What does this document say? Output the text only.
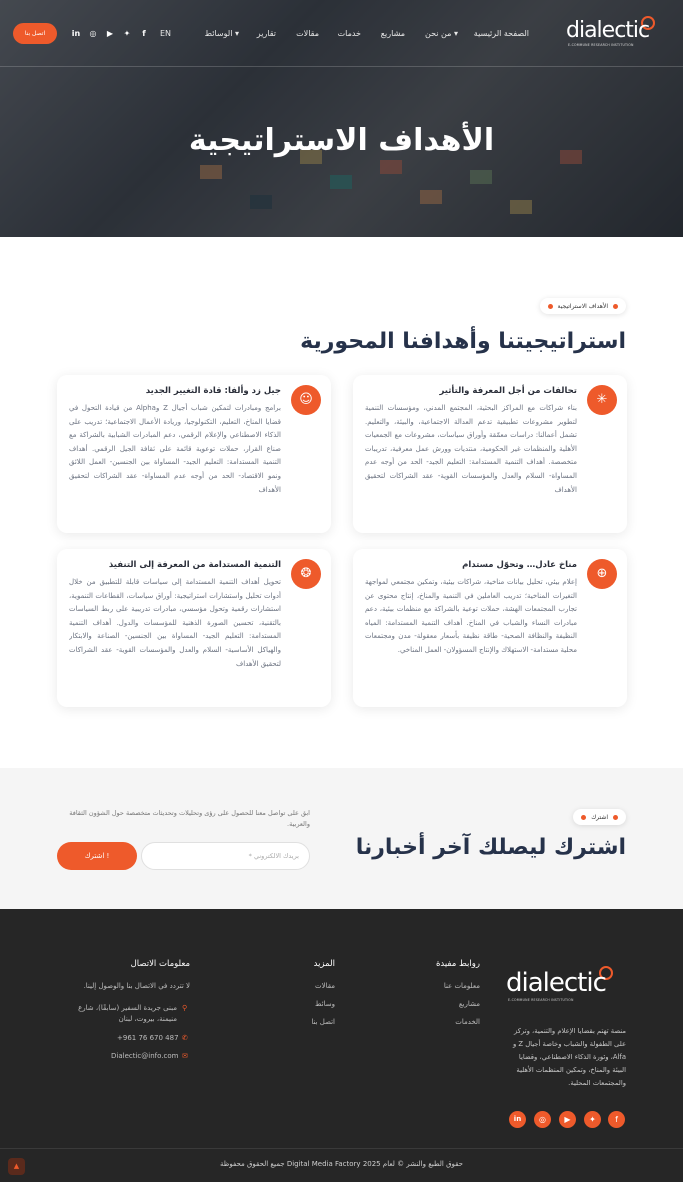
dialectic
E-COMMUNE RESEARCH INSTITUTION
الصفحة الرئيسية
من نحن ▾
مشاريع
خدمات
مقالات
تقارير
الوسائط ▾
EN
f
✦
▶
◎
in
اتصل بنا
الأهداف الاستراتيجية
الأهداف الاستراتيجية
استراتيجيتنا وأهدافنا المحورية
✳
تحالفات من أجل المعرفة والتأثير
بناء شراكات مع المراكز البحثية، المجتمع المدني، ومؤسسات التنمية لتطوير مشروعات تطبيقية تدعم العدالة الاجتماعية، والبيئة، والتعليم. تشمل أعمالنا: دراسات معمّقة وأوراق سياسات، مشروعات مع الجمعيات الأهلية والمنظمات غير الحكومية، منتديات وورش عمل معرفية، تدريبات متخصصة. أهداف التنمية المستدامة: التعليم الجيد- الحد من أوجه عدم المساواة- السلام والعدل والمؤسسات القوية- عقد الشراكات لتحقيق الأهداف
☺
جيل زد وألفا: قادة التغيير الجديد
برامج ومبادرات لتمكين شباب أجيال Z وAlpha من قيادة التحول في قضايا المناخ، التعليم، التكنولوجيا، وريادة الأعمال الاجتماعية؛ تدريب على الذكاء الاصطناعي والإعلام الرقمي، دعم المبادرات الشبابية بالشراكة مع صناع القرار، حملات توعوية قائمة على ثقافة الجيل الرقمي. أهداف التنمية المستدامة: التعليم الجيد- المساواة بين الجنسين- العمل اللائق ونمو الاقتصاد- الحد من أوجه عدم المساواة- عقد الشراكات لتحقيق الأهداف
⊕
مناخ عادل… وتحوّل مستدام
إعلام بيئي، تحليل بيانات مناخية، شراكات بيئية، وتمكين مجتمعي لمواجهة التغيرات المناخية؛ تدريب العاملين في التنمية والمناخ، إنتاج محتوى عن تجارب المجتمعات الهشة، حملات توعية بالشراكة مع منظمات بيئية، دعم مبادرات النساء والشباب في المناخ. أهداف التنمية المستدامة: المياه النظيفة والنظافة الصحية- طاقة نظيفة بأسعار معقولة- مدن ومجتمعات محلية مستدامة- الاستهلاك والإنتاج المسؤولان- العمل المناخي.
❂
التنمية المستدامة من المعرفة إلى التنفيذ
تحويل أهداف التنمية المستدامة إلى سياسات قابلة للتطبيق من خلال أدوات تحليل واستشارات استراتيجية: أوراق سياسات، القطاعات التنموية، استشارات رقمية وتحول مؤسسي، مبادرات تدريبية على ربط السياسات بالتقنية، تحسين الصورة الذهنية للمؤسسات والدول. أهداف التنمية المستدامة: التعليم الجيد- المساواة بين الجنسين- الصناعة والابتكار والهياكل الأساسية- السلام والعدل والمؤسسات القوية- عقد الشراكات لتحقيق الأهداف
اشترك
اشترك ليصلك آخر أخبارنا

ابق على تواصل معنا للحصول على رؤى وتحليلات وتحديثات متخصصة حول الشؤون الثقافة والعربية.

بريدك الالكتروني *
اشترك !
dialectic
E-COMMUNE RESEARCH INSTITUTION

منصة تهتم بقضايا الإعلام والتنمية، وتركز على الطفولة والشباب وخاصة أجيال Z و Alfa، وثورة الذكاء الاصطناعي، وقضايا البيئة والمناخ، وتمكين المنظمات الأهلية والمجتمعات المحلية.

f
✦
▶
◎
in
روابط مفيدة
معلومات عنا
مشاريع
الخدمات
المزيد
مقالات
وسائط
اتصل بنا
معلومات الاتصال
لا تتردد في الاتصال بنا والوصول إلينا.
⚲
مبنى جريدة السفير (سابقًا)، شارع منيمنة، بيروت، لبنان
✆
+961 76 670 487
✉
Dialectic@info.com
حقوق الطبع والنشر © لعام 2025 Digital Media Factory جميع الحقوق محفوظة
▲
